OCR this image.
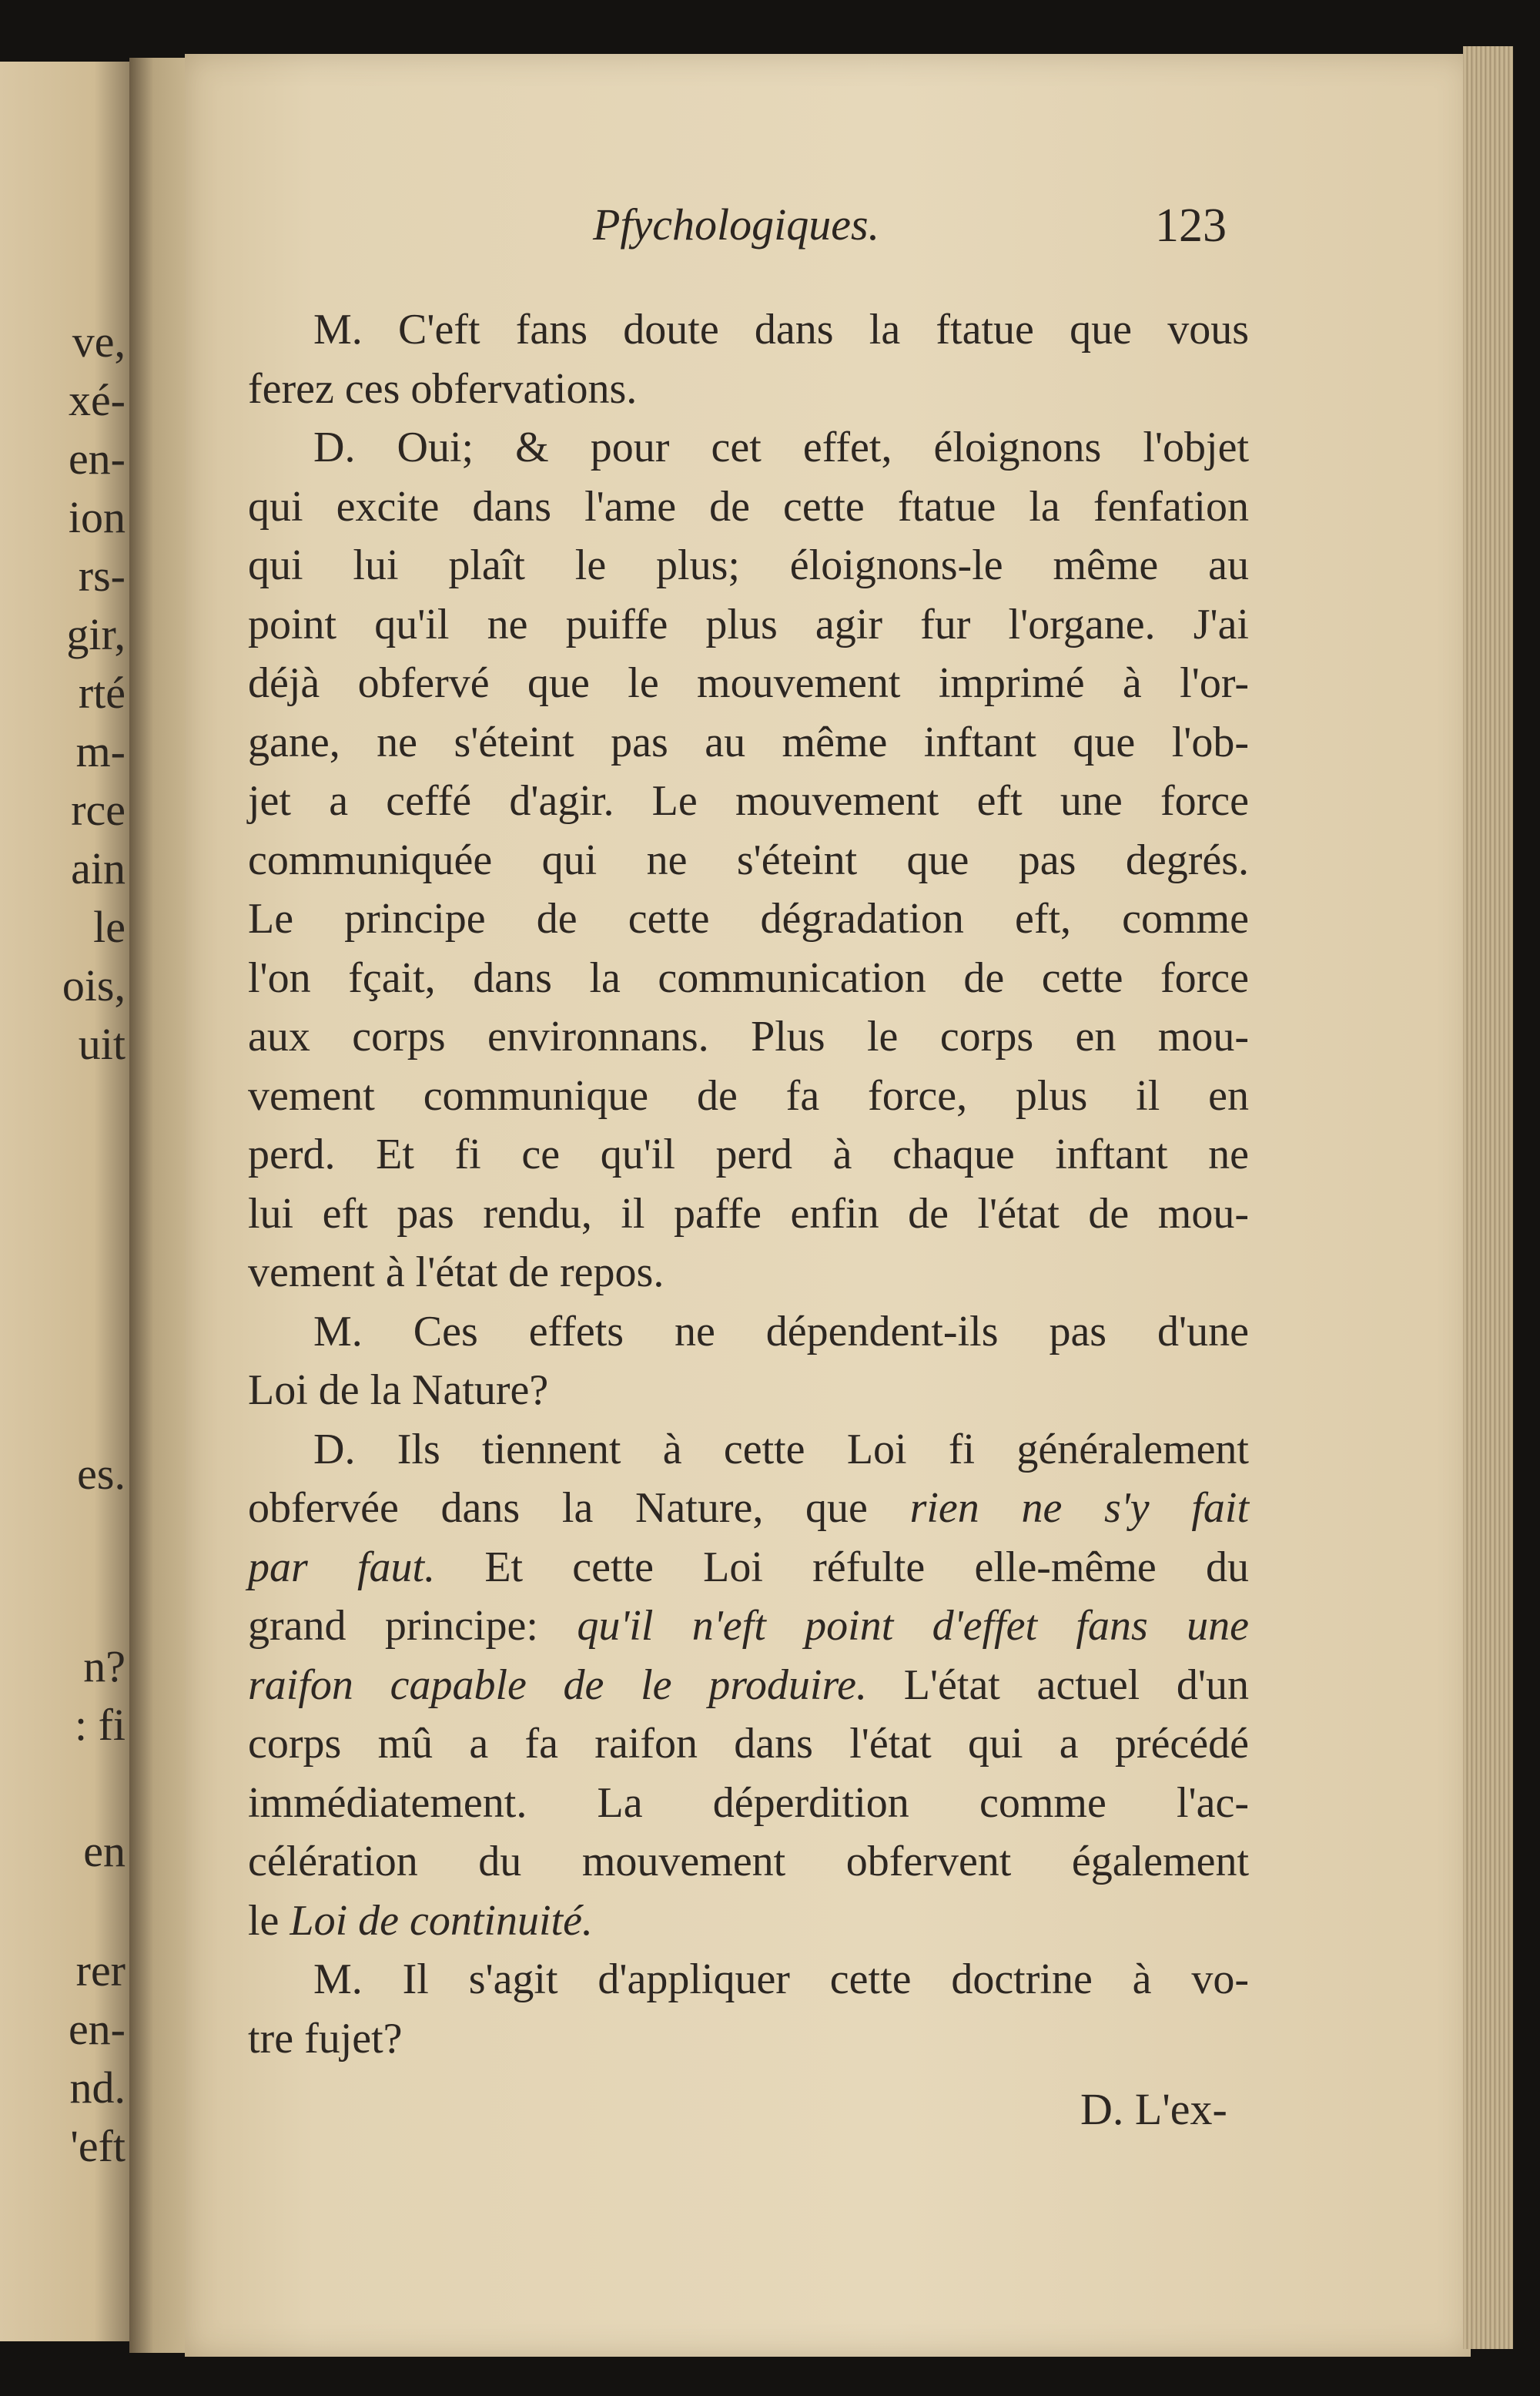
ve,
xé-
en-
ion
rs-
gir,
rté
m-
rce
ain
le
ois,
uit
es.
n?
: fi
en
rer
en-
nd.
'eft
Pfychologiques.	123
M. C'eft fans doute dans la ftatue que vous
ferez ces obfervations.
D. Oui; & pour cet effet, éloignons l'objet
qui excite dans l'ame de cette ftatue la fenfation
qui lui plaît le plus; éloignons-le même au
point qu'il ne puiffe plus agir fur l'organe. J'ai
déjà obfervé que le mouvement imprimé à l'or-
gane, ne s'éteint pas au même inftant que l'ob-
jet a ceffé d'agir. Le mouvement eft une force
communiquée qui ne s'éteint que pas degrés.
Le principe de cette dégradation eft, comme
l'on fçait, dans la communication de cette force
aux corps environnans. Plus le corps en mou-
vement communique de fa force, plus il en
perd. Et fi ce qu'il perd à chaque inftant ne
lui eft pas rendu, il paffe enfin de l'état de mou-
vement à l'état de repos.
M. Ces effets ne dépendent-ils pas d'une
Loi de la Nature?
D. Ils tiennent à cette Loi fi généralement
obfervée dans la Nature, que rien ne s'y fait
par faut. Et cette Loi réfulte elle-même du
grand principe: qu'il n'eft point d'effet fans une
raifon capable de le produire. L'état actuel d'un
corps mû a fa raifon dans l'état qui a précédé
immédiatement. La déperdition comme l'ac-
célération du mouvement obfervent également
le Loi de continuité.
M. Il s'agit d'appliquer cette doctrine à vo-
tre fujet?
D. L'ex-
